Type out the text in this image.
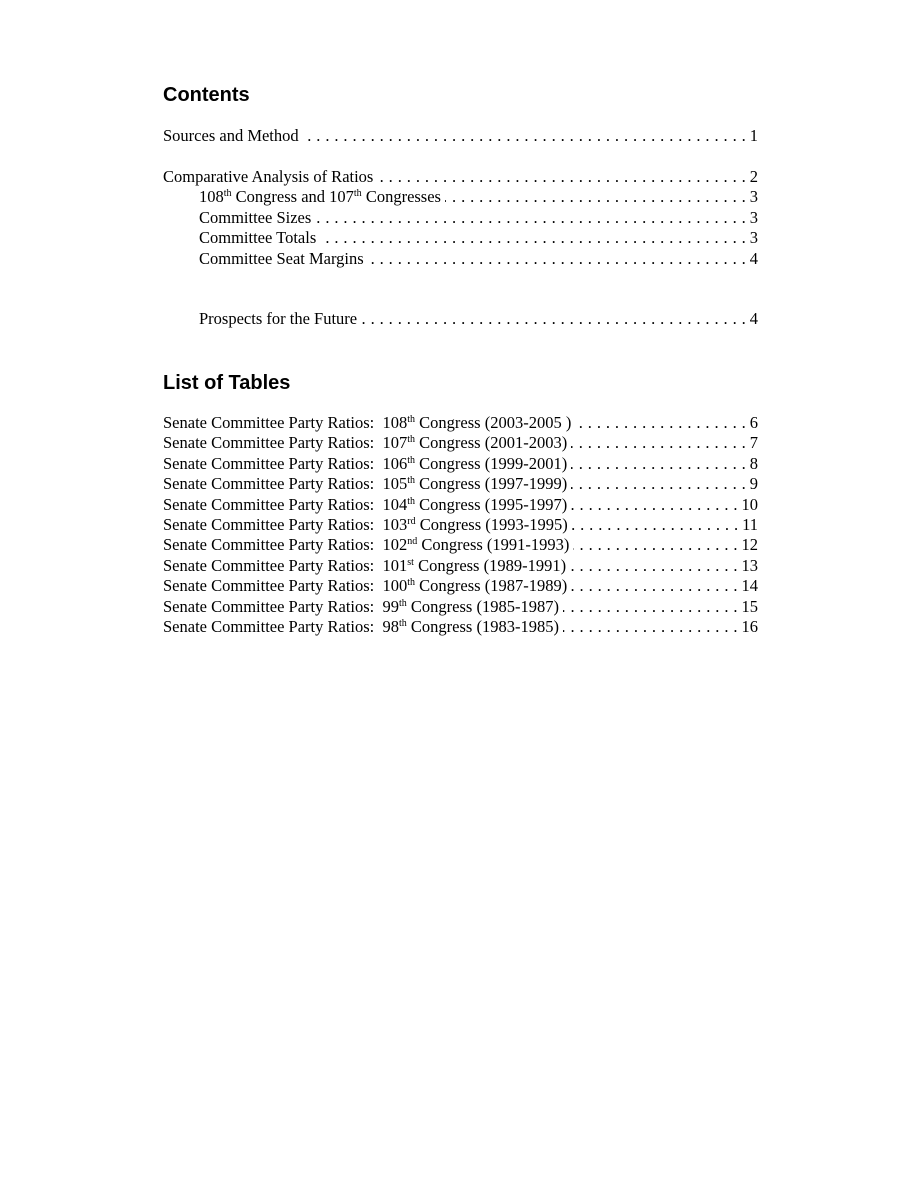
Contents
Sources and Method . . .	1
Comparative Analysis of Ratios . . .	2
108th Congress and 107th Congresses . . .	3
Committee Sizes . . .	3
Committee Totals . . .	3
Committee Seat Margins . . .	4
Prospects for the Future . . .	4
List of Tables
Senate Committee Party Ratios: 108th Congress (2003-2005 ) . . .	6
Senate Committee Party Ratios: 107th Congress (2001-2003) . . .	7
Senate Committee Party Ratios: 106th Congress (1999-2001) . . .	8
Senate Committee Party Ratios: 105th Congress (1997-1999) . . .	9
Senate Committee Party Ratios: 104th Congress (1995-1997) . . .	10
Senate Committee Party Ratios: 103rd Congress (1993-1995) . . .	11
Senate Committee Party Ratios: 102nd Congress (1991-1993) . . .	12
Senate Committee Party Ratios: 101st Congress (1989-1991) . . .	13
Senate Committee Party Ratios: 100th Congress (1987-1989) . . .	14
Senate Committee Party Ratios: 99th Congress (1985-1987) . . .	15
Senate Committee Party Ratios: 98th Congress (1983-1985) . . .	16
